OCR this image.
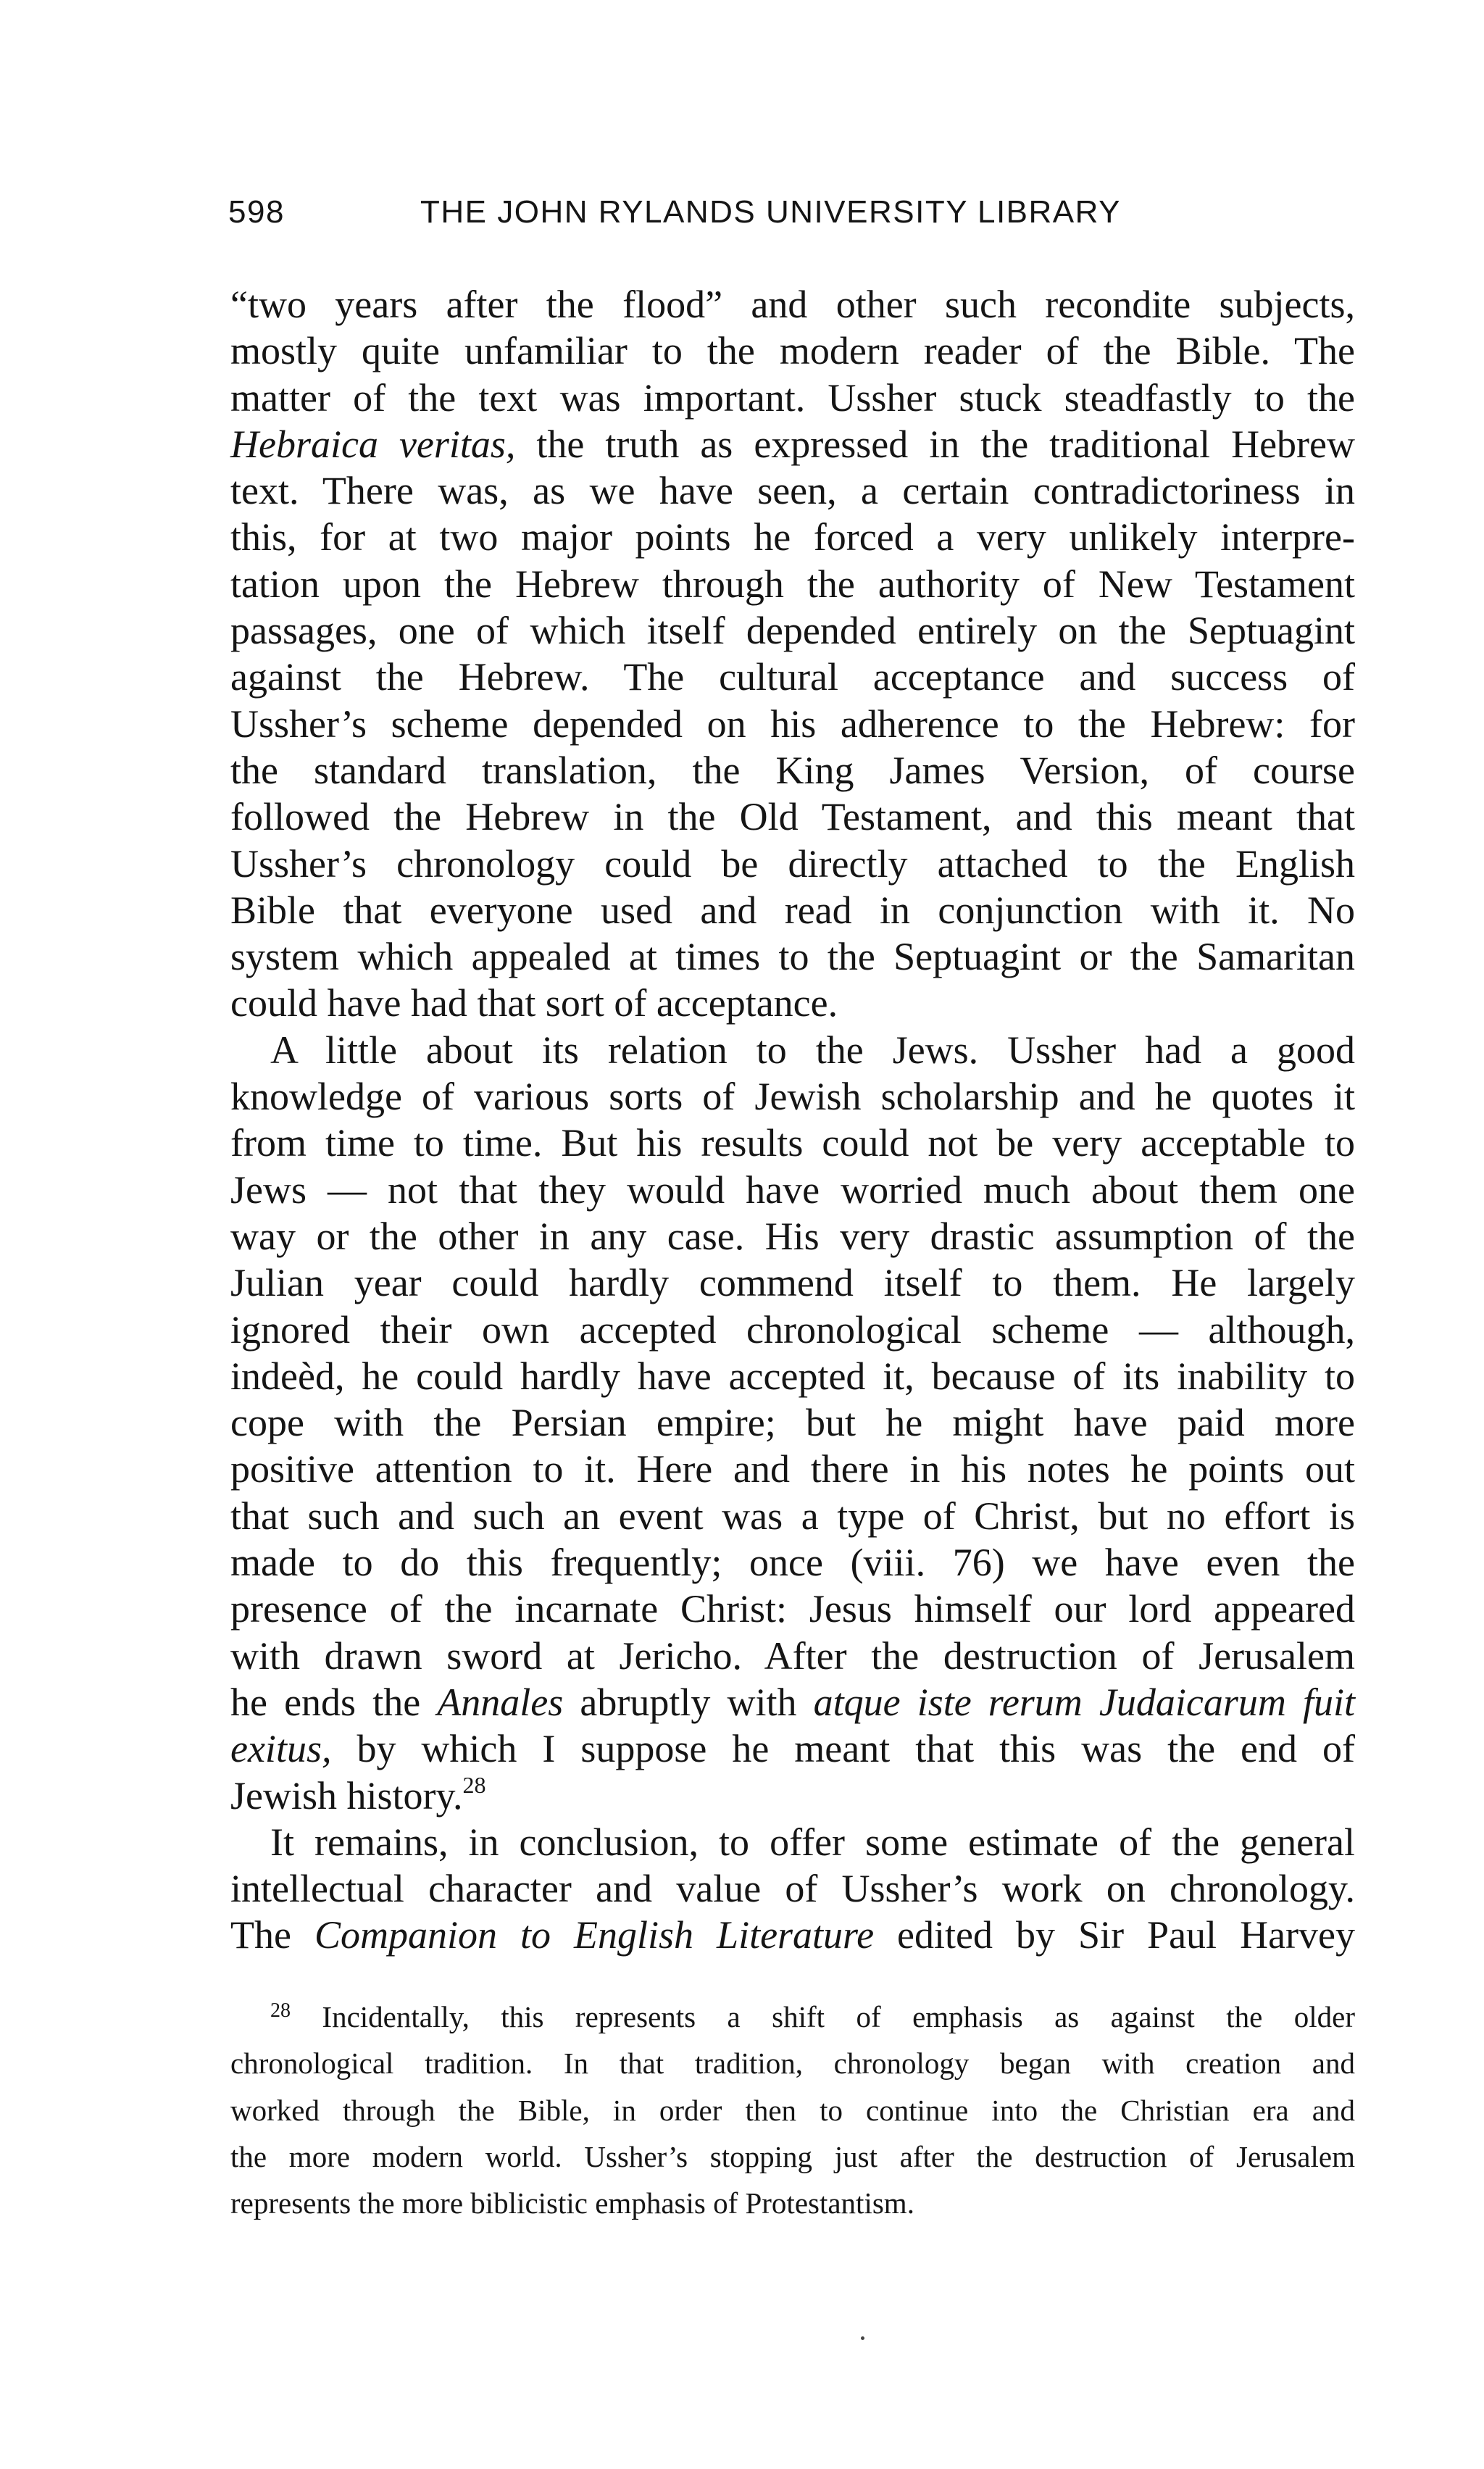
598	THE JOHN RYLANDS UNIVERSITY LIBRARY
“two years after the flood” and other such recondite subjects,
mostly quite unfamiliar to the modern reader of the Bible. The
matter of the text was important. Ussher stuck steadfastly to the
Hebraica veritas, the truth as expressed in the traditional Hebrew
text. There was, as we have seen, a certain contradictoriness in
this, for at two major points he forced a very unlikely interpre-
tation upon the Hebrew through the authority of New Testament
passages, one of which itself depended entirely on the Septuagint
against the Hebrew. The cultural acceptance and success of
Ussher’s scheme depended on his adherence to the Hebrew: for
the standard translation, the King James Version, of course
followed the Hebrew in the Old Testament, and this meant that
Ussher’s chronology could be directly attached to the English
Bible that everyone used and read in conjunction with it. No
system which appealed at times to the Septuagint or the Samaritan
could have had that sort of acceptance.
A little about its relation to the Jews. Ussher had a good
knowledge of various sorts of Jewish scholarship and he quotes it
from time to time. But his results could not be very acceptable to
Jews — not that they would have worried much about them one
way or the other in any case. His very drastic assumption of the
Julian year could hardly commend itself to them. He largely
ignored their own accepted chronological scheme — although,
indeèd, he could hardly have accepted it, because of its inability to
cope with the Persian empire; but he might have paid more
positive attention to it. Here and there in his notes he points out
that such and such an event was a type of Christ, but no effort is
made to do this frequently; once (viii. 76) we have even the
presence of the incarnate Christ: Jesus himself our lord appeared
with drawn sword at Jericho. After the destruction of Jerusalem
he ends the Annales abruptly with atque iste rerum Judaicarum fuit
exitus, by which I suppose he meant that this was the end of
Jewish history.$^{28}$
It remains, in conclusion, to offer some estimate of the general
intellectual character and value of Ussher’s work on chronology.
The Companion to English Literature edited by Sir Paul Harvey
$^{28}$ Incidentally, this represents a shift of emphasis as against the older
chronological tradition. In that tradition, chronology began with creation and
worked through the Bible, in order then to continue into the Christian era and
the more modern world. Ussher’s stopping just after the destruction of Jerusalem
represents the more biblicistic emphasis of Protestantism.
